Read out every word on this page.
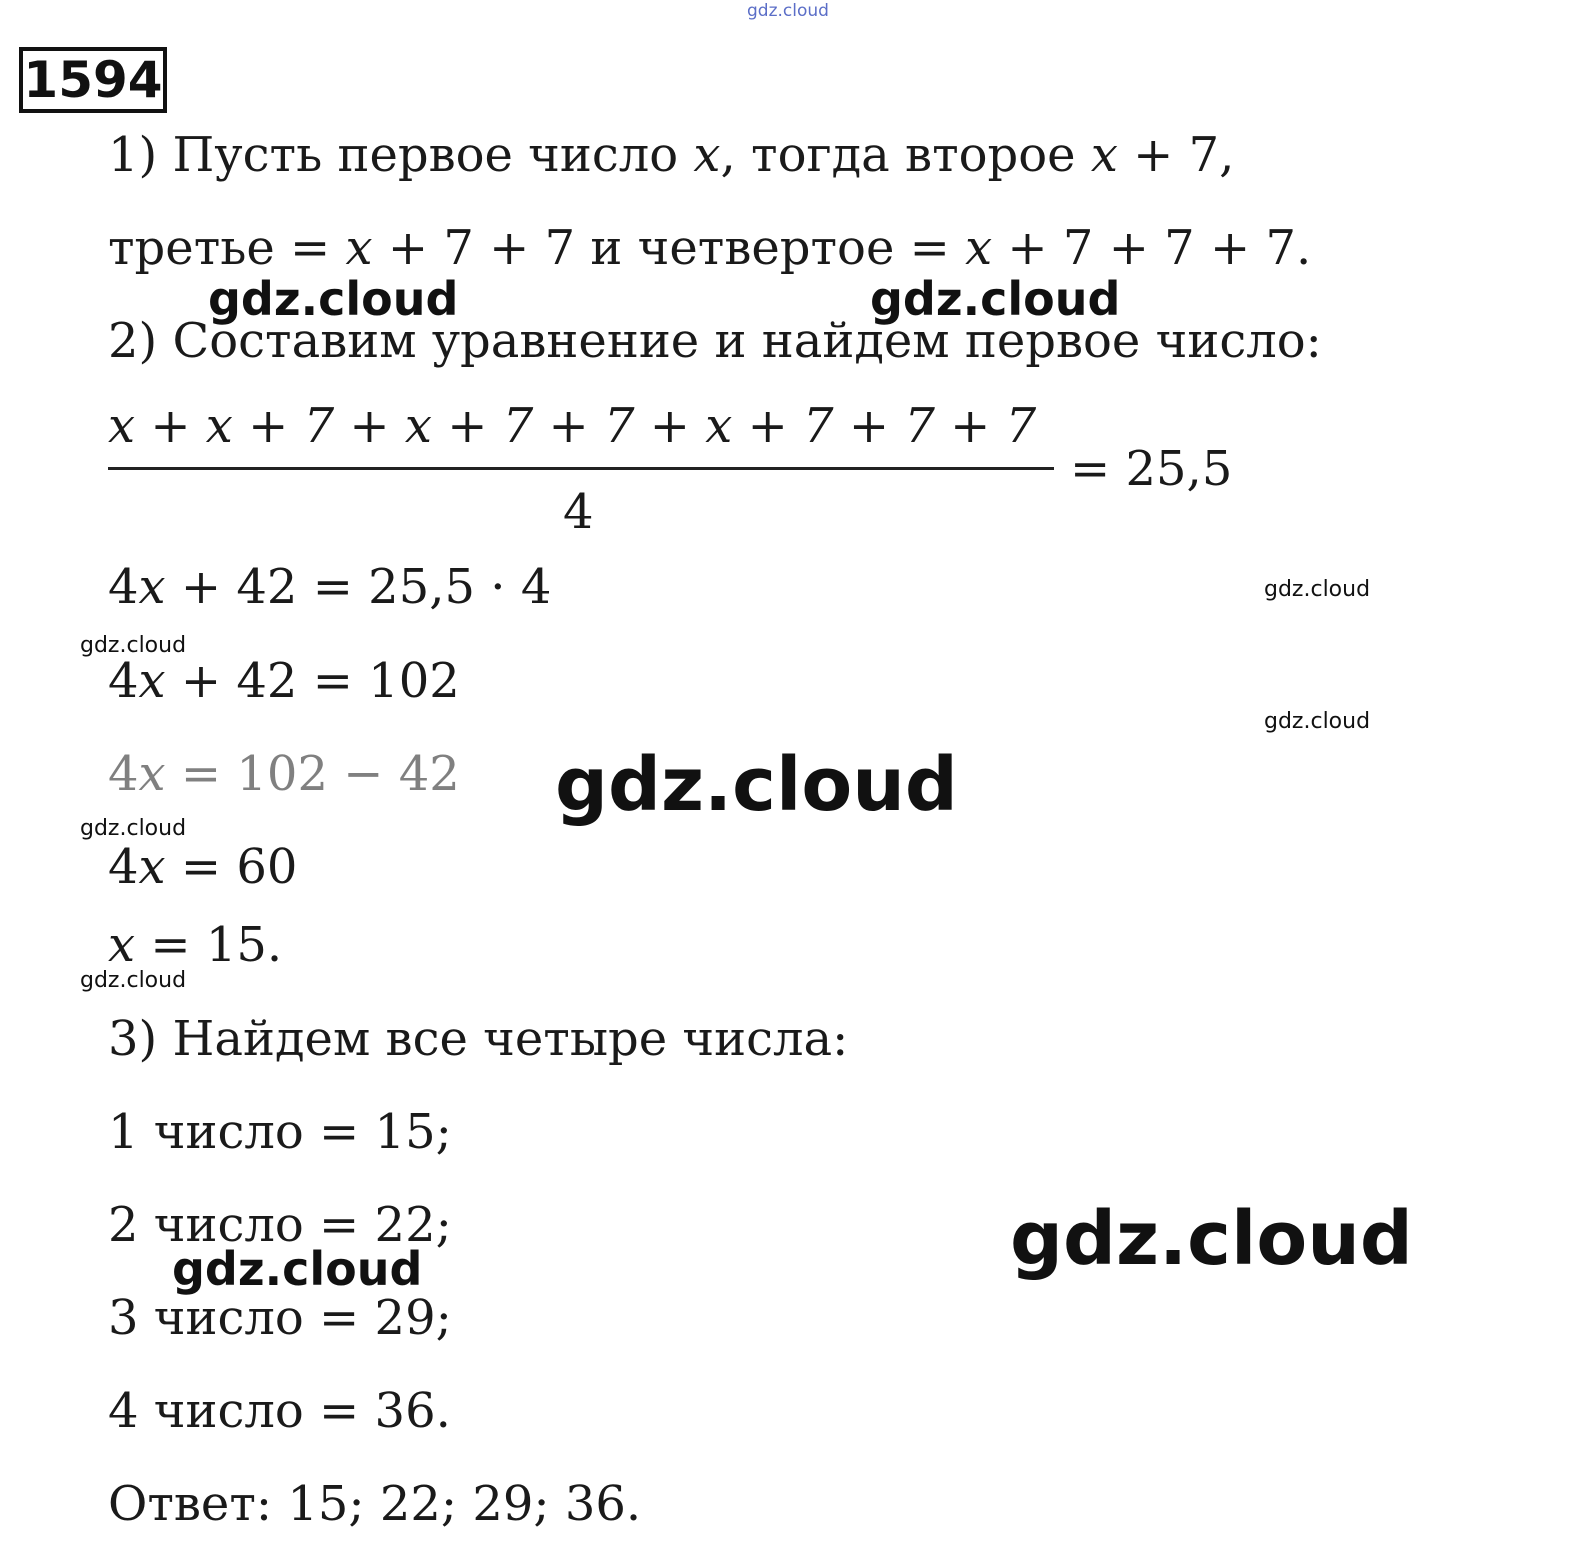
gdz.cloud
1594
1) Пусть первое число x, тогда второе x + 7,
третье = x + 7 + 7 и четвертое = x + 7 + 7 + 7.
gdz.cloud	gdz.cloud
2) Составим уравнение и найдем первое число:
x + x + 7 + x + 7 + 7 + x + 7 + 7 + 7
4
= 25,5
4x + 42 = 25,5 · 4	gdz.cloud
gdz.cloud
4x + 42 = 102
gdz.cloud
4x = 102 − 42 gdz.cloud
gdz.cloud
4x = 60
x = 15.
gdz.cloud
3) Найдем все четыре числа:
1 число = 15;
2 число = 22;
gdz.cloud	gdz.cloud
3 число = 29;
4 число = 36.
Ответ: 15; 22; 29; 36.
